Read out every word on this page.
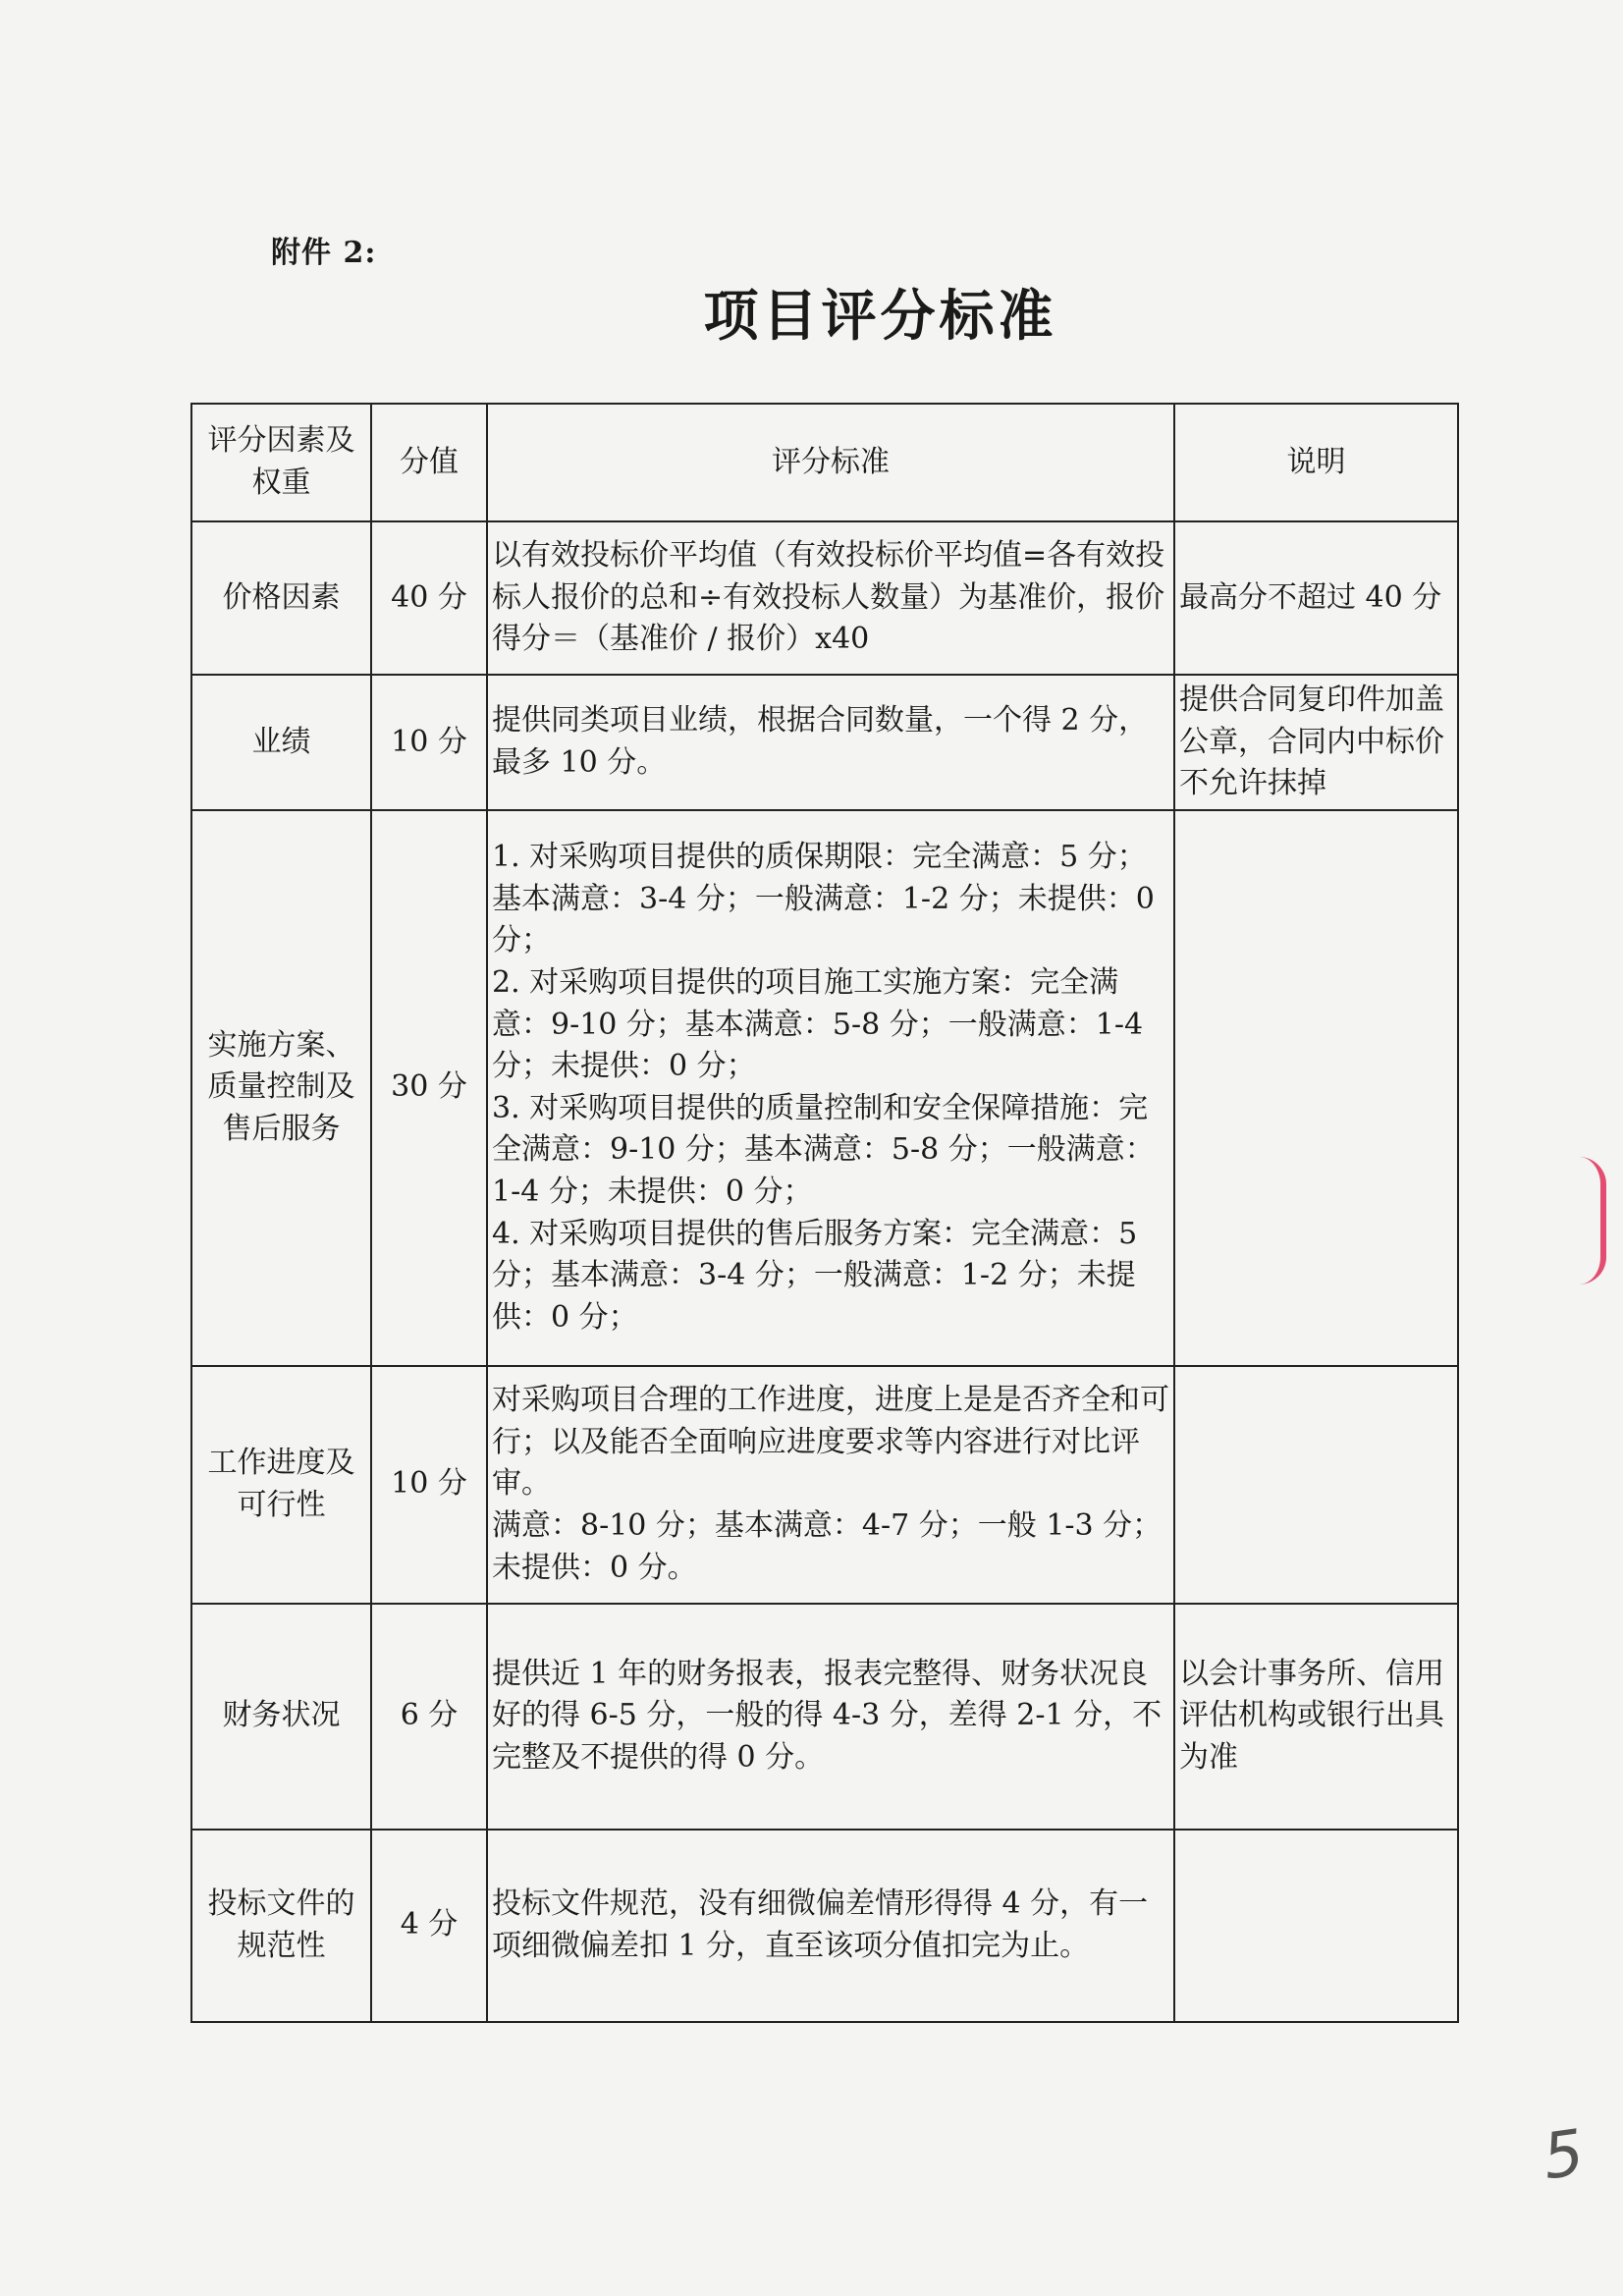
附件 2:
项目评分标准
评分因素及权重	分值	评分标准	说明
价格因素	40 分	以有效投标价平均值（有效投标价平均值=各有效投标人报价的总和÷有效投标人数量）为基准价，报价得分＝（基准价 / 报价）x40	最高分不超过 40 分
业绩	10 分	提供同类项目业绩，根据合同数量，一个得 2 分，最多 10 分。	提供合同复印件加盖公章，合同内中标价不允许抹掉
实施方案、质量控制及售后服务	30 分	1. 对采购项目提供的质保期限：完全满意：5 分；基本满意：3-4 分；一般满意：1-2 分；未提供：0 分；
2. 对采购项目提供的项目施工实施方案：完全满意：9-10 分；基本满意：5-8 分；一般满意：1-4 分；未提供：0 分；
3. 对采购项目提供的质量控制和安全保障措施：完全满意：9-10 分；基本满意：5-8 分；一般满意：1-4 分；未提供：0 分；
4. 对采购项目提供的售后服务方案：完全满意：5 分；基本满意：3-4 分；一般满意：1-2 分；未提供：0 分；	

工作进度及可行性	10 分	对采购项目合理的工作进度，进度上是是否齐全和可行；以及能否全面响应进度要求等内容进行对比评审。
满意：8-10 分；基本满意：4-7 分；一般 1-3 分；未提供：0 分。	

财务状况	6 分	提供近 1 年的财务报表，报表完整得、财务状况良好的得 6-5 分，一般的得 4-3 分，差得 2-1 分，不完整及不提供的得 0 分。	以会计事务所、信用评估机构或银行出具为准
投标文件的规范性	4 分	投标文件规范，没有细微偏差情形得得 4 分，有一项细微偏差扣 1 分，直至该项分值扣完为止。	

5
